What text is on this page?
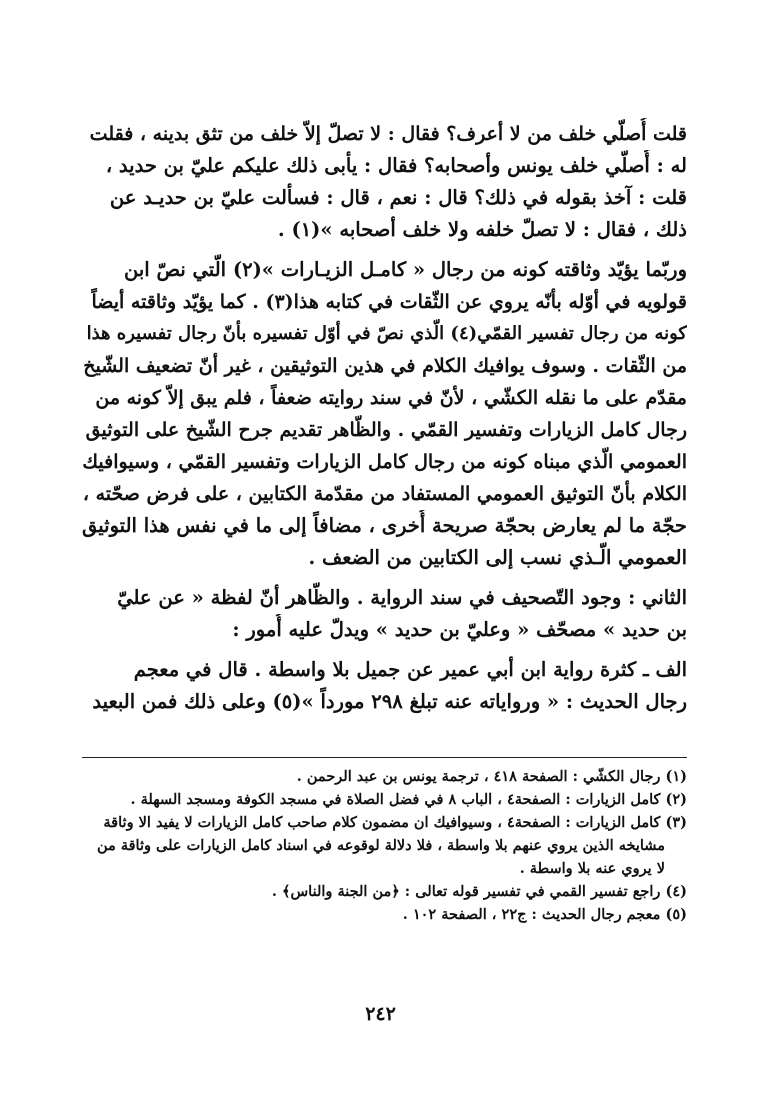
قلت أُصلّي خلف من لا أعرف؟ فقال : لا تصلّ إلاّ خلف من تثق بدينه ، فقلت
له : أُصلّي خلف يونس وأصحابه؟ فقال : يأبى ذلك عليكم عليّ بن حديد ،
قلت : آخذ بقوله في ذلك؟ قال : نعم ، قال : فسألت عليّ بن حديـد عن
ذلك ، فقال : لا تصلّ خلفه ولا خلف أصحابه »(١) .
وربّما يؤيّد وثاقته كونه من رجال « كامـل الزيـارات »(٢) الّتي نصّ ابن
قولويه في أوّله بأنّه يروي عن الثّقات في كتابه هذا(٣) . كما يؤيّد وثاقته أيضاً
كونه من رجال تفسير القمّي(٤) الّذي نصّ في أوّل تفسيره بأنّ رجال تفسيره هذا
من الثّقات . وسوف يوافيك الكلام في هذين التوثيقين ، غير أنّ تضعيف الشّيخ
مقدّم على ما نقله الكشّي ، لأنّ في سند روايته ضعفاً ، فلم يبق إلاّ كونه من
رجال كامل الزيارات وتفسير القمّي . والظّاهر تقديم جرح الشّيخ على التوثيق
العمومي الّذي مبناه كونه من رجال كامل الزيارات وتفسير القمّي ، وسيوافيك
الكلام بأنّ التوثيق العمومي المستفاد من مقدّمة الكتابين ، على فرض صحّته ،
حجّة ما لم يعارض بحجّة صريحة أُخرى ، مضافاً إلى ما في نفس هذا التوثيق
العمومي الّـذي نسب إلى الكتابين من الضعف .
الثاني : وجود التّصحيف في سند الرواية . والظّاهر أنّ لفظة « عن عليّ
بن حديد » مصحّف « وعليّ بن حديد » ويدلّ عليه أُمور :
الف ـ كثرة رواية ابن أبي عمير عن جميل بلا واسطة . قال في معجم
رجال الحديث : « ورواياته عنه تبلغ ٢٩٨ مورداً »(٥) وعلى ذلك فمن البعيد
(١) رجال الكشّي : الصفحة ٤١٨ ، ترجمة يونس بن عبد الرحمن .
(٢) كامل الزيارات : الصفحة٤ ، الباب ٨ في فضل الصلاة في مسجد الكوفة ومسجد السهلة .
(٣) كامل الزيارات : الصفحة٤ ، وسيوافيك ان مضمون كلام صاحب كامل الزيارات لا يفيد الا وثاقة
مشايخه الذين يروي عنهم بلا واسطة ، فلا دلالة لوقوعه في اسناد كامل الزيارات على وثاقة من
لا يروي عنه بلا واسطة .
(٤) راجع تفسير القمي في تفسير قوله تعالى : ﴿من الجنة والناس﴾ .
(٥) معجم رجال الحديث : ج٢٢ ، الصفحة ١٠٢ .
٢٤٢
